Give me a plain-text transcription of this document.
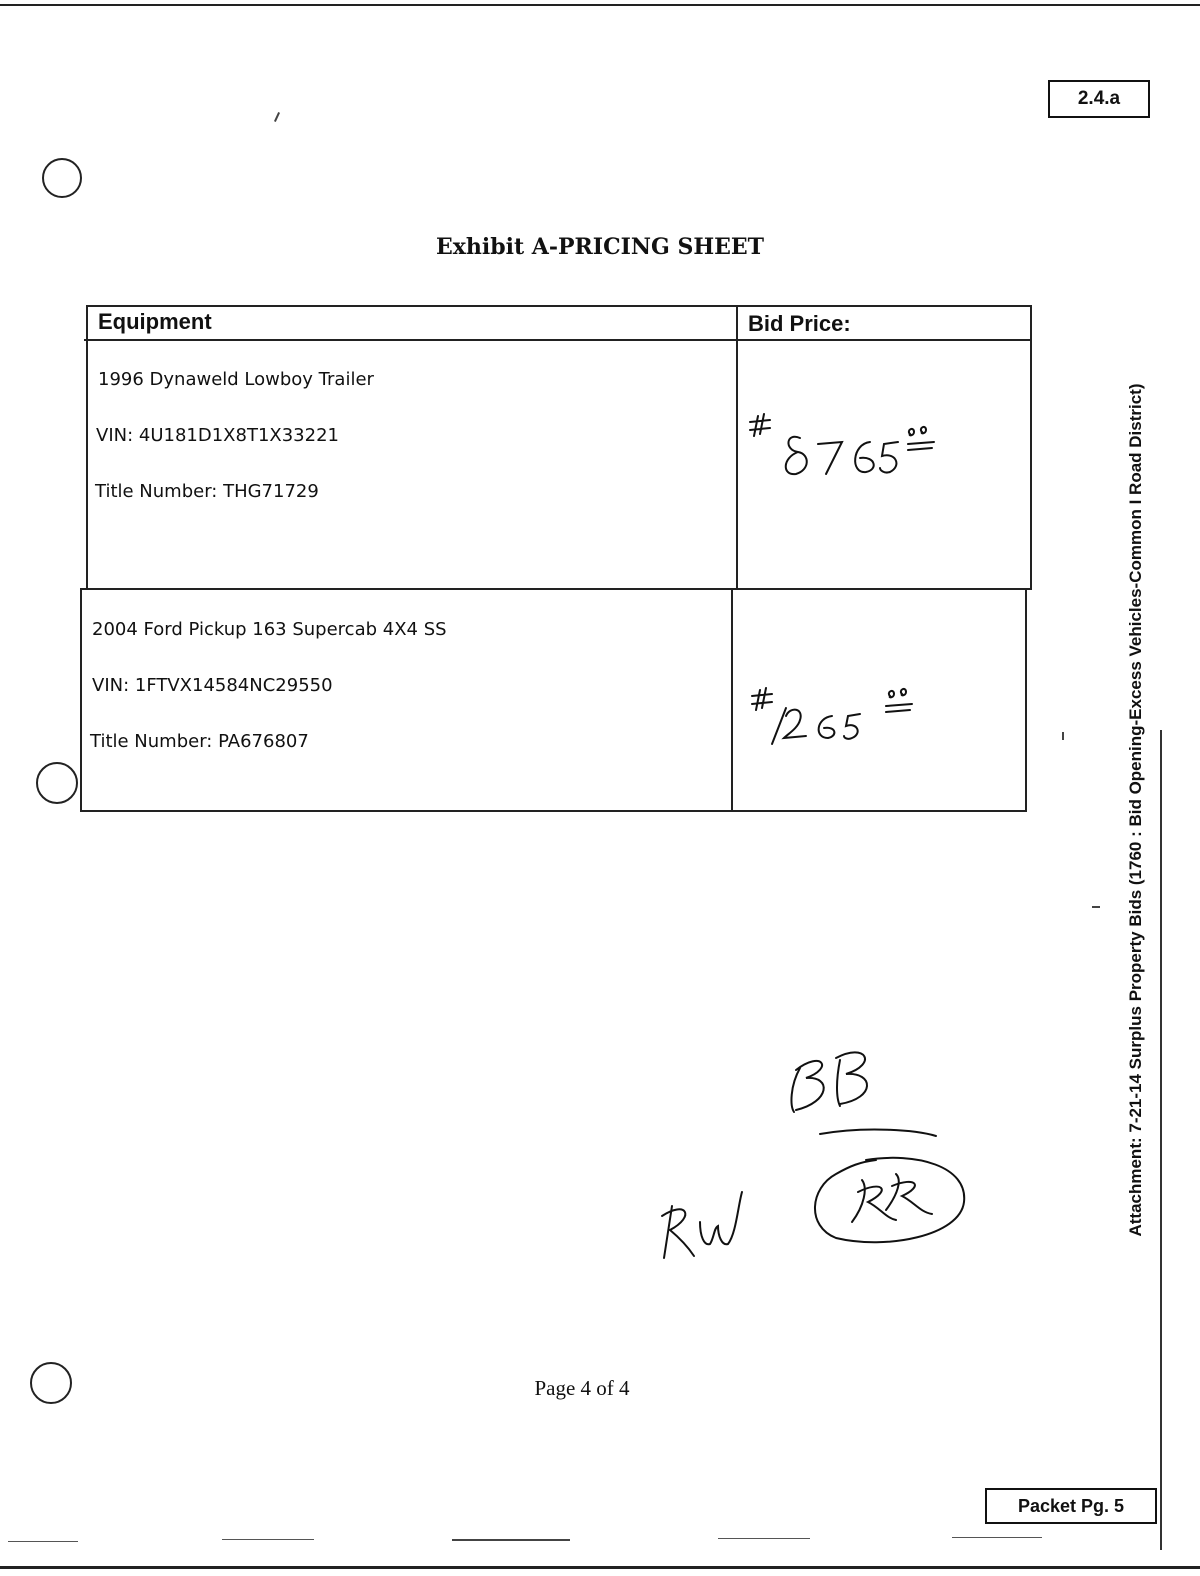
2.4.a
Exhibit A-PRICING SHEET
Equipment	Bid Price:
1996 Dynaweld Lowboy Trailer
VIN: 4U181D1X8T1X33221
Title Number: THG71729
2004 Ford Pickup 163 Supercab 4X4 SS
VIN: 1FTVX14584NC29550
Title Number: PA676807	Attachment: 7-21-14 Surplus Property Bids (1760 : Bid Opening-Excess Vehicles-Common I Road District)
Page 4 of 4
Packet Pg. 5
